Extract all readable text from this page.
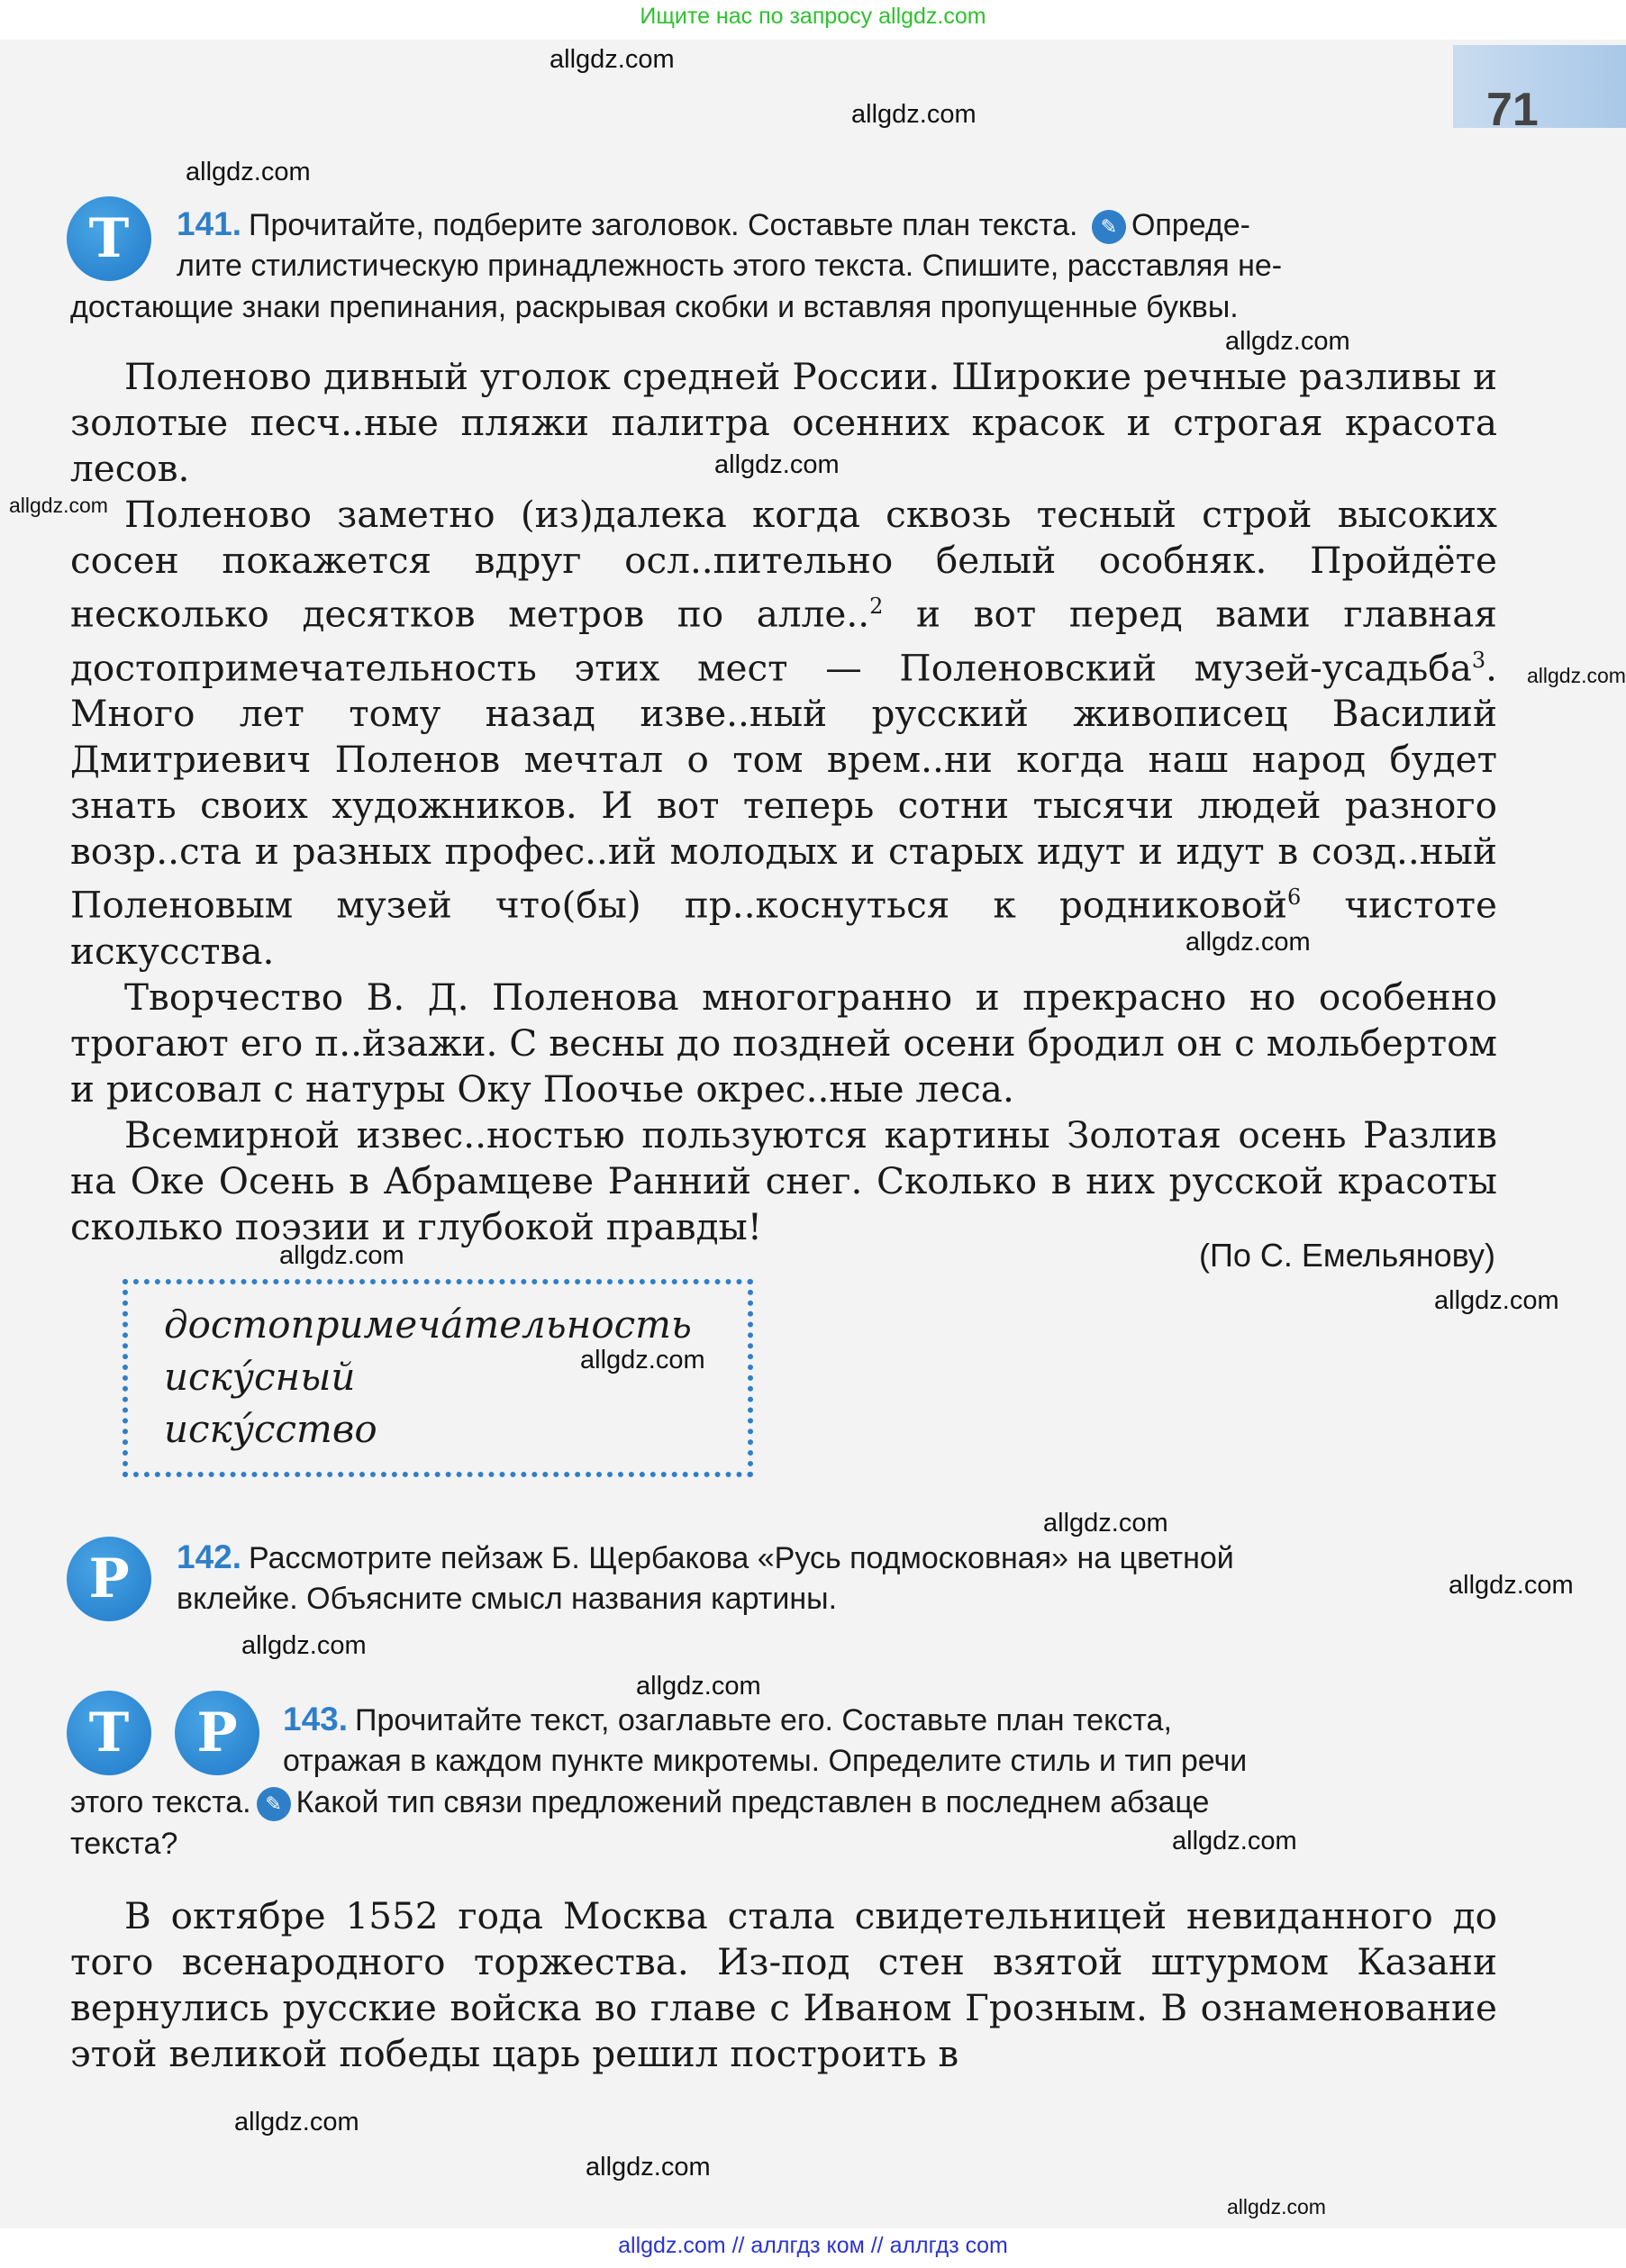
Ищите нас по запросу allgdz.com
71
allgdz.com
allgdz.com
allgdz.com
allgdz.com
allgdz.com
allgdz.com
allgdz.com
allgdz.com
allgdz.com
allgdz.com
allgdz.com
allgdz.com
allgdz.com
allgdz.com
allgdz.com
allgdz.com
allgdz.com
allgdz.com
allgdz.com
Т	141. Прочитайте, подберите заголовок. Составьте план текста. ✎ Опреде-
лите стилистическую принадлежность этого текста. Спишите, расставляя не-
достающие знаки препинания, раскрывая скобки и вставляя пропущенные буквы.

Поленово дивный уголок средней России. Широкие речные разливы и золотые песч..ные пляжи палитра осенних красок и строгая красота лесов.

Поленово заметно (из)далека когда сквозь тесный строй высоких сосен покажется вдруг осл..пительно белый особняк. Пройдёте несколько десятков метров по алле..$^2$ и вот перед вами главная достопримечательность этих мест — Поленовский музей-усадьба$^3$. Много лет тому назад изве..ный русский живописец Василий Дмитриевич Поленов мечтал о том врем..ни когда наш народ будет знать своих художников. И вот теперь сотни тысячи людей разного возр..ста и разных профес..ий молодых и старых идут и идут в созд..ный Поленовым музей что(бы) пр..коснуться к родниковой$^6$ чистоте искусства.

Творчество В. Д. Поленова многогранно и прекрасно но особенно трогают его п..йзажи. С весны до поздней осени бродил он с мольбертом и рисовал с натуры Оку Поочье окрес..ные леса.

Всемирной извес..ностью пользуются картины Золотая осень Разлив на Оке Осень в Абрамцеве Ранний снег. Сколько в них русской красоты сколько поэзии и глубокой правды!

(По С. Емельянову)
достопримеча́тельность
иску́сный
иску́сство
Р	142. Рассмотрите пейзаж Б. Щербакова «Русь подмосковная» на цветной
вклейке. Объясните смысл названия картины.
Т	Р	143. Прочитайте текст, озаглавьте его. Составьте план текста,
отражая в каждом пункте микротемы. Определите стиль и тип речи
этого текста. ✎ Какой тип связи предложений представлен в последнем абзаце
текста?

В октябре 1552 года Москва стала свидетельницей невиданного до того всенародного торжества. Из-под стен взятой штурмом Казани вернулись русские войска во главе с Иваном Грозным. В ознаменование этой великой победы царь решил построить в

allgdz.com // аллгдз ком // аллгдз com
